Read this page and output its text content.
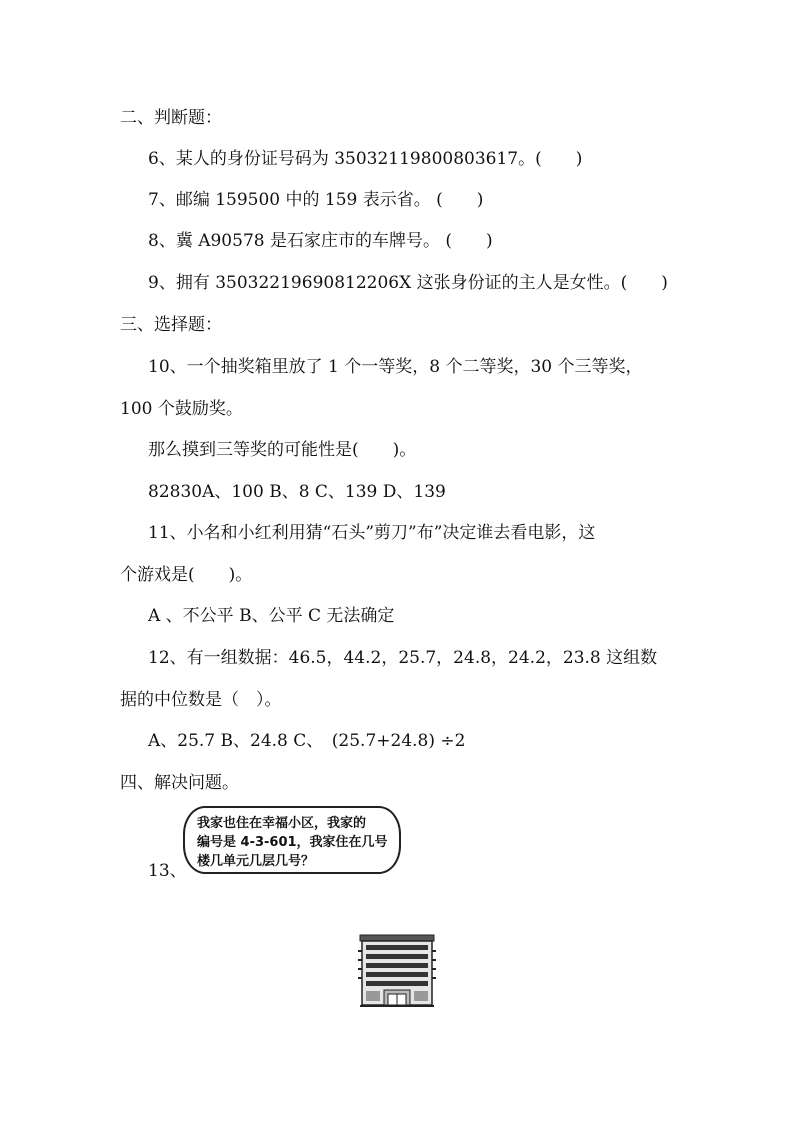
二、判断题：
6、某人的身份证号码为 35032119800803617。(　　)
7、邮编 159500 中的 159 表示省。 (　　)
8、冀 A90578 是石家庄市的车牌号。 (　　)
9、拥有 35032219690812206X 这张身份证的主人是女性。(　　)
三、选择题：
10、一个抽奖箱里放了 1 个一等奖，8 个二等奖，30 个三等奖，
100 个鼓励奖。
那么摸到三等奖的可能性是(　　)。
82830A、100 B、8 C、139 D、139
11、小名和小红利用猜“石头”剪刀”布”决定谁去看电影，这
个游戏是(　　)。
A 、不公平 B、公平 C 无法确定
12、有一组数据：46.5，44.2，25.7，24.8，24.2，23.8 这组数
据的中位数是（　）。
A、25.7 B、24.8 C、　(25.7+24.8) ÷2
四、解决问题。
我家也住在幸福小区，我家的
编号是 4-3-601，我家住在几号
楼几单元几层几号？
13、
